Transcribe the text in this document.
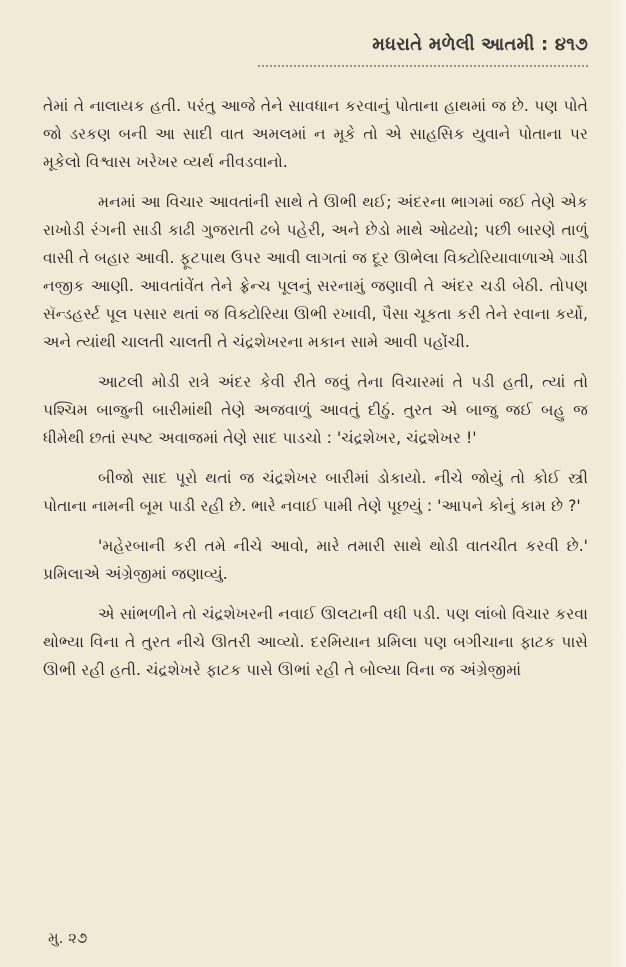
મધરાતે મળેલી આતમી : ૪૧૭

તેમાં તે નાલાયક હતી. પરંતુ આજે તેને સાવધાન કરવાનું પોતાના હાથમાં જ છે. પણ પોતે જો ડરકણ બની આ સાદી વાત અમલમાં ન મૂકે તો એ સાહસિક યુવાને પોતાના પર મૂકેલો વિશ્વાસ ખરેખર વ્યર્થ નીવડવાનો.

મનમાં આ વિચાર આવતાંની સાથે તે ઊભી થઈ; અંદરના ભાગમાં જઈ તેણે એક રાખોડી રંગની સાડી કાઢી ગુજરાતી ઢબે પહેરી, અને છેડો માથે ઓઢયો; પછી બારણે તાળું વાસી તે બહાર આવી. ફૂટપાથ ઉપર આવી લાગતાં જ દૂર ઊભેલા વિક્ટોરિયાવાળાએ ગાડી નજીક આણી. આવતાંવેંત તેને ફ્રેન્ચ પૂલનું સરનામું જણાવી તે અંદર ચડી બેઠી. તોપણ સૅન્ડહર્સ્ટ પૂલ પસાર થતાં જ વિક્ટોરિયા ઊભી રખાવી, પૈસા ચૂકતા કરી તેને રવાના કર્યો, અને ત્યાંથી ચાલતી ચાલતી તે ચંદ્રશેખરના મકાન સામે આવી પહોંચી.

આટલી મોડી રાત્રે અંદર કેવી રીતે જવું તેના વિચારમાં તે પડી હતી, ત્યાં તો પશ્ચિમ બાજુની બારીમાંથી તેણે અજવાળું આવતું દીઠું. તુરત એ બાજુ જઈ બહુ જ ધીમેથી છતાં સ્પષ્ટ અવાજમાં તેણે સાદ પાડચો : 'ચંદ્રશેખર, ચંદ્રશેખર !'

બીજો સાદ પૂરો થતાં જ ચંદ્રશેખર બારીમાં ડોકાયો. નીચે જોયું તો કોઈ સ્ત્રી પોતાના નામની બૂમ પાડી રહી છે. ભારે નવાઈ પામી તેણે પૂછયું : 'આપને કોનું કામ છે ?'

'મહેરબાની કરી તમે નીચે આવો, મારે તમારી સાથે થોડી વાતચીત કરવી છે.' પ્રમિલાએ અંગ્રેજીમાં જણાવ્યું.

એ સાંભળીને તો ચંદ્રશેખરની નવાઈ ઊલટાની વધી પડી. પણ લાંબો વિચાર કરવા થોભ્યા વિના તે તુરત નીચે ઊતરી આવ્યો. દરમિયાન પ્રમિલા પણ બગીચાના ફાટક પાસે ઊભી રહી હતી. ચંદ્રશેખરે ફાટક પાસે ઊભાં રહી તે બોલ્યા વિના જ અંગ્રેજીમાં

મુ. ૨૭
